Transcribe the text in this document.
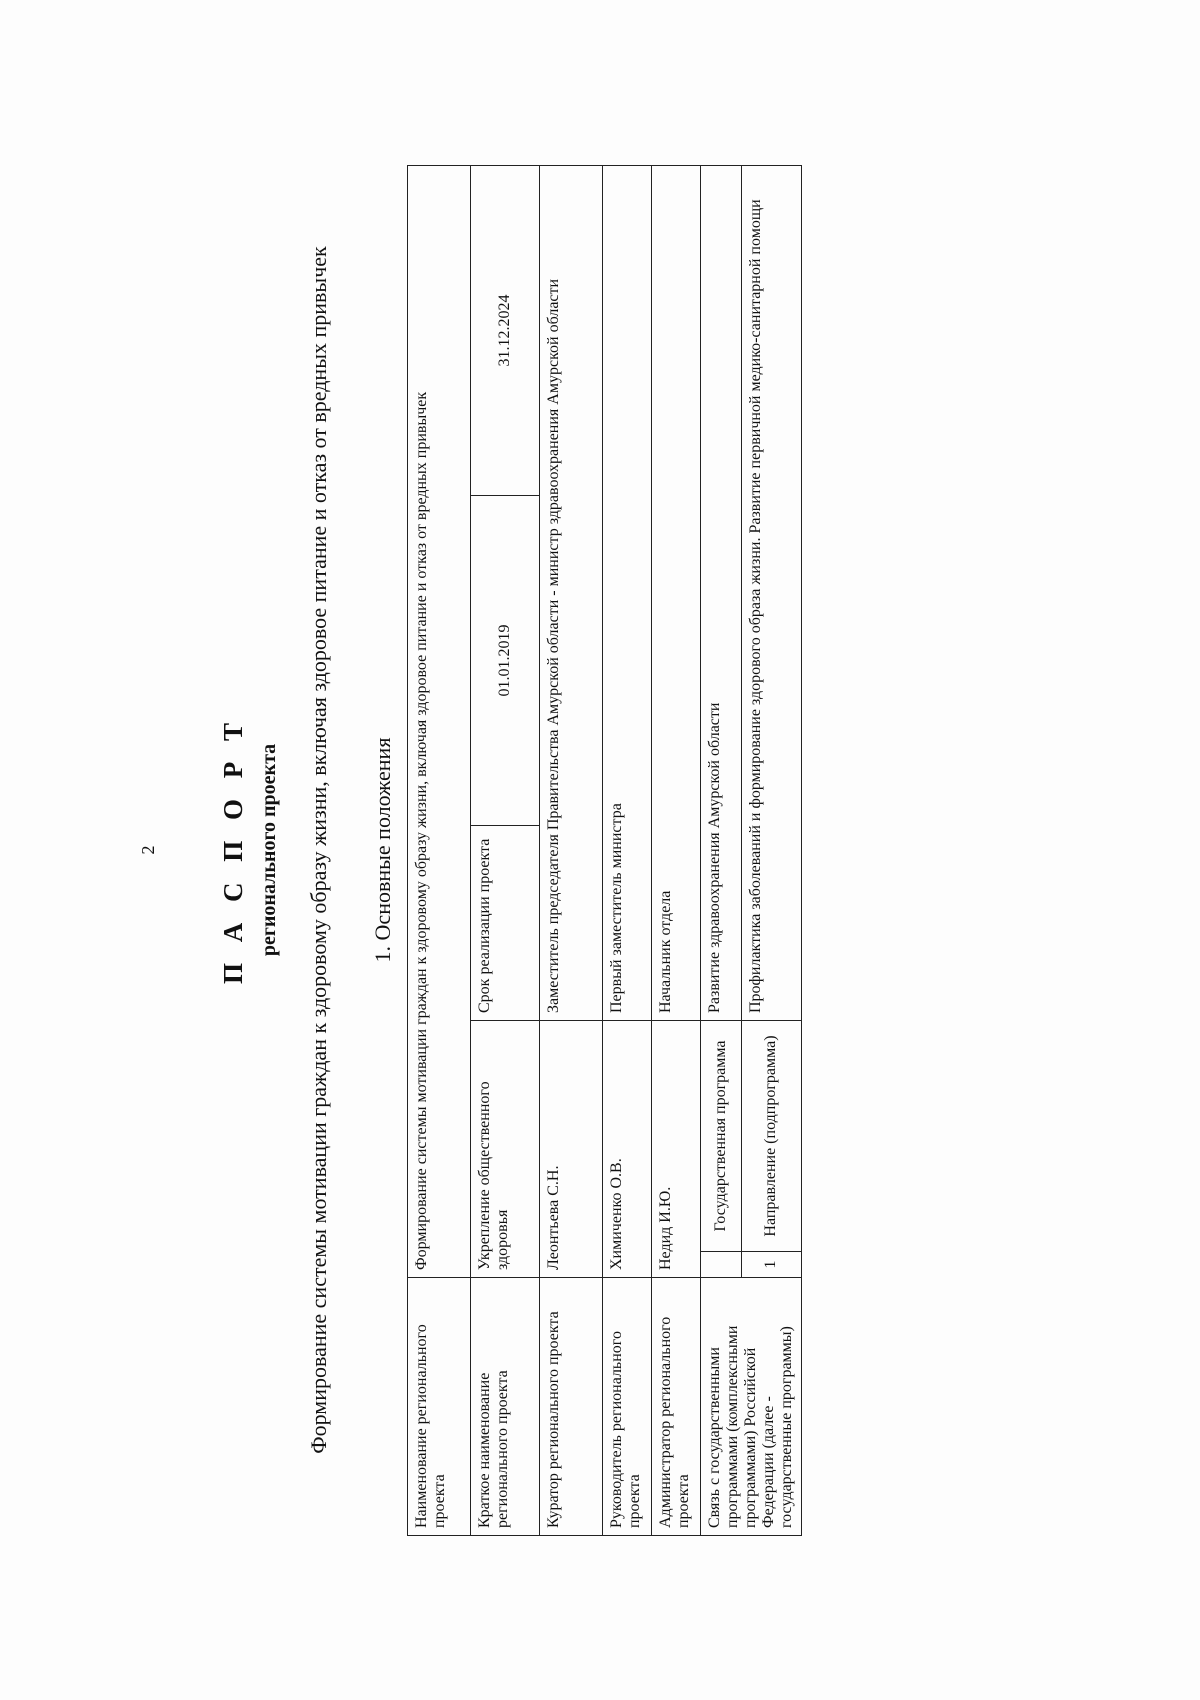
2 П А С П О Р Т регионального проекта Формирование системы мотивации граждан к здоровому образу жизни, включая здоровое питание и отказ от вредных привычек 1. Основные положения
Наименование регионального проекта	Формирование системы мотивации граждан к здоровому образу жизни, включая здоровое питание и отказ от вредных привычек				
Краткое наименование регионального проекта	Укрепление общественного здоровья		Срок реализации проекта	01.01.2019	31.12.2024
Куратор регионального проекта	Леонтьева С.Н.		Заместитель председателя Правительства Амурской области - министр здравоохранения Амурской области		
Руководитель регионального проекта	Химиченко О.В.		Первый заместитель министра		
Администратор регионального проекта	Недид И.Ю.		Начальник отдела		
Связь с государственными программами (комплексными программами) Российской Федерации (далее - государственные программы)		Государственная программа	Развитие здравоохранения Амурской области		
	1	Направление (подпрограмма)	Профилактика заболеваний и формирование здорового образа жизни. Развитие первичной медико-санитарной помощи		
